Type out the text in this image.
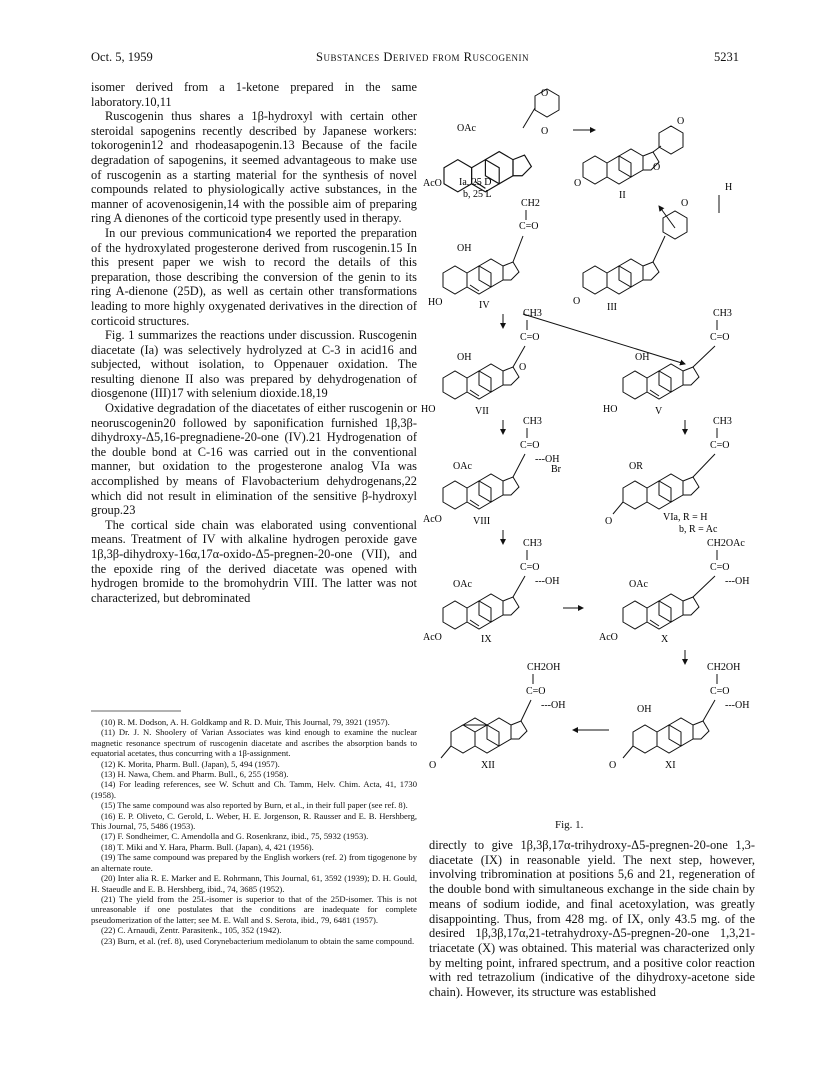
Oct. 5, 1959	Substances Derived from Ruscogenin	5231

isomer derived from a 1-ketone prepared in the same laboratory.10,11

Ruscogenin thus shares a 1β-hydroxyl with certain other steroidal sapogenins recently described by Japanese workers: tokorogenin12 and rhodeasapogenin.13 Because of the facile degradation of sapogenins, it seemed advantageous to make use of ruscogenin as a starting material for the synthesis of novel compounds related to physiologically active substances, in the manner of acovenosigenin,14 with the possible aim of preparing ring A dienones of the corticoid type presently used in therapy.

In our previous communication4 we reported the preparation of the hydroxylated progesterone derived from ruscogenin.15 In this present paper we wish to record the details of this preparation, those describing the conversion of the genin to its ring A-dienone (25D), as well as certain other transformations leading to more highly oxygenated derivatives in the direction of corticoid structures.

Fig. 1 summarizes the reactions under discussion. Ruscogenin diacetate (Ia) was selectively hydrolyzed at C-3 in acid16 and subjected, without isolation, to Oppenauer oxidation. The resulting dienone II also was prepared by dehydrogenation of diosgenone (III)17 with selenium dioxide.18,19

Oxidative degradation of the diacetates of either ruscogenin or neoruscogenin20 followed by saponification furnished 1β,3β-dihydroxy-Δ5,16-pregnadiene-20-one (IV).21 Hydrogenation of the double bond at C-16 was carried out in the conventional manner, but oxidation to the progesterone analog VIa was accomplished by means of Flavobacterium dehydrogenans,22 which did not result in elimination of the sensitive β-hydroxyl group.23

The cortical side chain was elaborated using conventional means. Treatment of IV with alkaline hydrogen peroxide gave 1β,3β-dihydroxy-16α,17α-oxido-Δ5-pregnen-20-one (VII), and the epoxide ring of the derived diacetate was opened with hydrogen bromide to the bromohydrin VIII. The latter was not characterized, but debrominated

(10) R. M. Dodson, A. H. Goldkamp and R. D. Muir, This Journal, 79, 3921 (1957).
(11) Dr. J. N. Shoolery of Varian Associates was kind enough to examine the nuclear magnetic resonance spectrum of ruscogenin diacetate and ascribes the absorption bands to equatorial acetates, thus concurring with a 1β-assignment.
(12) K. Morita, Pharm. Bull. (Japan), 5, 494 (1957).
(13) H. Nawa, Chem. and Pharm. Bull., 6, 255 (1958).
(14) For leading references, see W. Schutt and Ch. Tamm, Helv. Chim. Acta, 41, 1730 (1958).
(15) The same compound was also reported by Burn, et al., in their full paper (see ref. 8).
(16) E. P. Oliveto, C. Gerold, L. Weber, H. E. Jorgenson, R. Rausser and E. B. Hershberg, This Journal, 75, 5486 (1953).
(17) F. Sondheimer, C. Amendolla and G. Rosenkranz, ibid., 75, 5932 (1953).
(18) T. Miki and Y. Hara, Pharm. Bull. (Japan), 4, 421 (1956).
(19) The same compound was prepared by the English workers (ref. 2) from tigogenone by an alternate route.
(20) Inter alia R. E. Marker and E. Rohrmann, This Journal, 61, 3592 (1939); D. H. Gould, H. Staeudle and E. B. Hershberg, ibid., 74, 3685 (1952).
(21) The yield from the 25L-isomer is superior to that of the 25D-isomer. This is not unreasonable if one postulates that the conditions are inadequate for complete pseudomerization of the latter; see M. E. Wall and S. Serota, ibid., 79, 6481 (1957).
(22) C. Arnaudi, Zentr. Parasitenk., 105, 352 (1942).
(23) Burn, et al. (ref. 8), used Corynebacterium mediolanum to obtain the same compound.
directly to give 1β,3β,17α-trihydroxy-Δ5-pregnen-20-one 1,3-diacetate (IX) in reasonable yield. The next step, however, involving tribromination at positions 5,6 and 21, regeneration of the double bond with simultaneous exchange in the side chain by means of sodium iodide, and final acetoxylation, was greatly disappointing. Thus, from 428 mg. of IX, only 43.5 mg. of the desired 1β,3β,17α,21-tetrahydroxy-Δ5-pregnen-20-one 1,3,21-triacetate (X) was obtained. This material was characterized only by melting point, infrared spectrum, and a positive color reaction with red tetrazolium (indicative of the dihydroxy-acetone side chain). However, its structure was established
OAc
AcO
O
O
Ia, 25 D
b, 25 L
O
O
O
II
H
CH2
C=O
OH
HO	IV	O
O
III
CH3
C=O
O
OH
HO	VII
CH3
C=O
OH
HO	V
CH3
C=O
---OH
Br
OAc
AcO	VIII
CH3
C=O
OR
O	VIa, R = H
b, R = Ac
CH3
C=O
---OH
OAc
AcO	IX
CH2OAc
C=O
---OH
OAc
AcO	X
CH2OH
C=O
---OH
O	XII
CH2OH
C=O
---OH
OH
O	XI
Fig. 1.
